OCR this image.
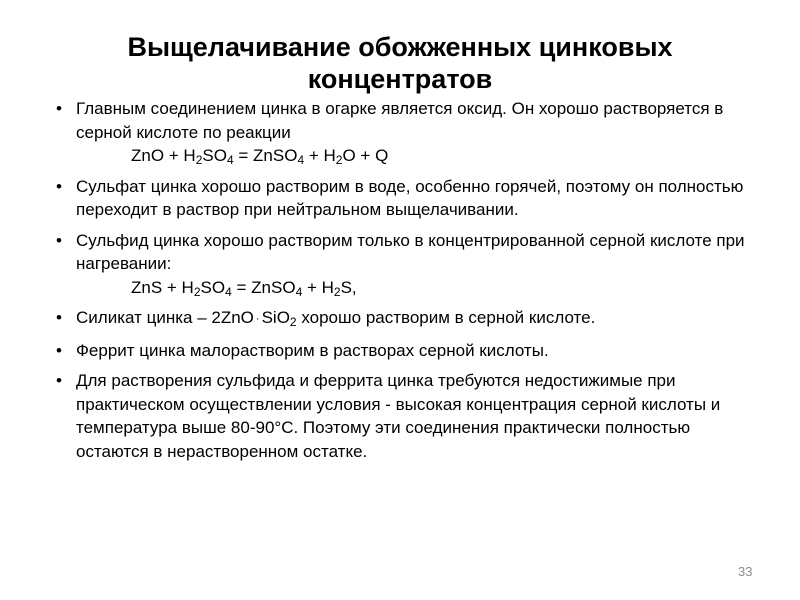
Выщелачивание обожженных цинковых
концентратов
• Главным соединением цинка в огарке является оксид. Он хорошо растворяется в серной кислоте по реакции
ZnO + $H_2SO_4$ = ZnSO$_4$ + $H_2O + Q$
• Сульфат цинка хорошо растворим в воде, особенно горячей, поэтому он полностью переходит в раствор при нейтральном выщелачивании.
• Сульфид цинка хорошо растворим только в концентрированной серной кислоте при нагревании:
ZnS + $H_2SO_4$ = ZnSO$_4$ + $H_2S$,
• Силикат цинка – 2ZnO · SiO$_2$ хорошо растворим в серной кислоте.
• Феррит цинка малорастворим в растворах серной кислоты.
• Для растворения сульфида и феррита цинка требуются недостижимые при практическом осуществлении условия - высокая концентрация серной кислоты и температура выше 80-90°С. Поэтому эти соединения практически полностью остаются в нерастворенном остатке.
33
